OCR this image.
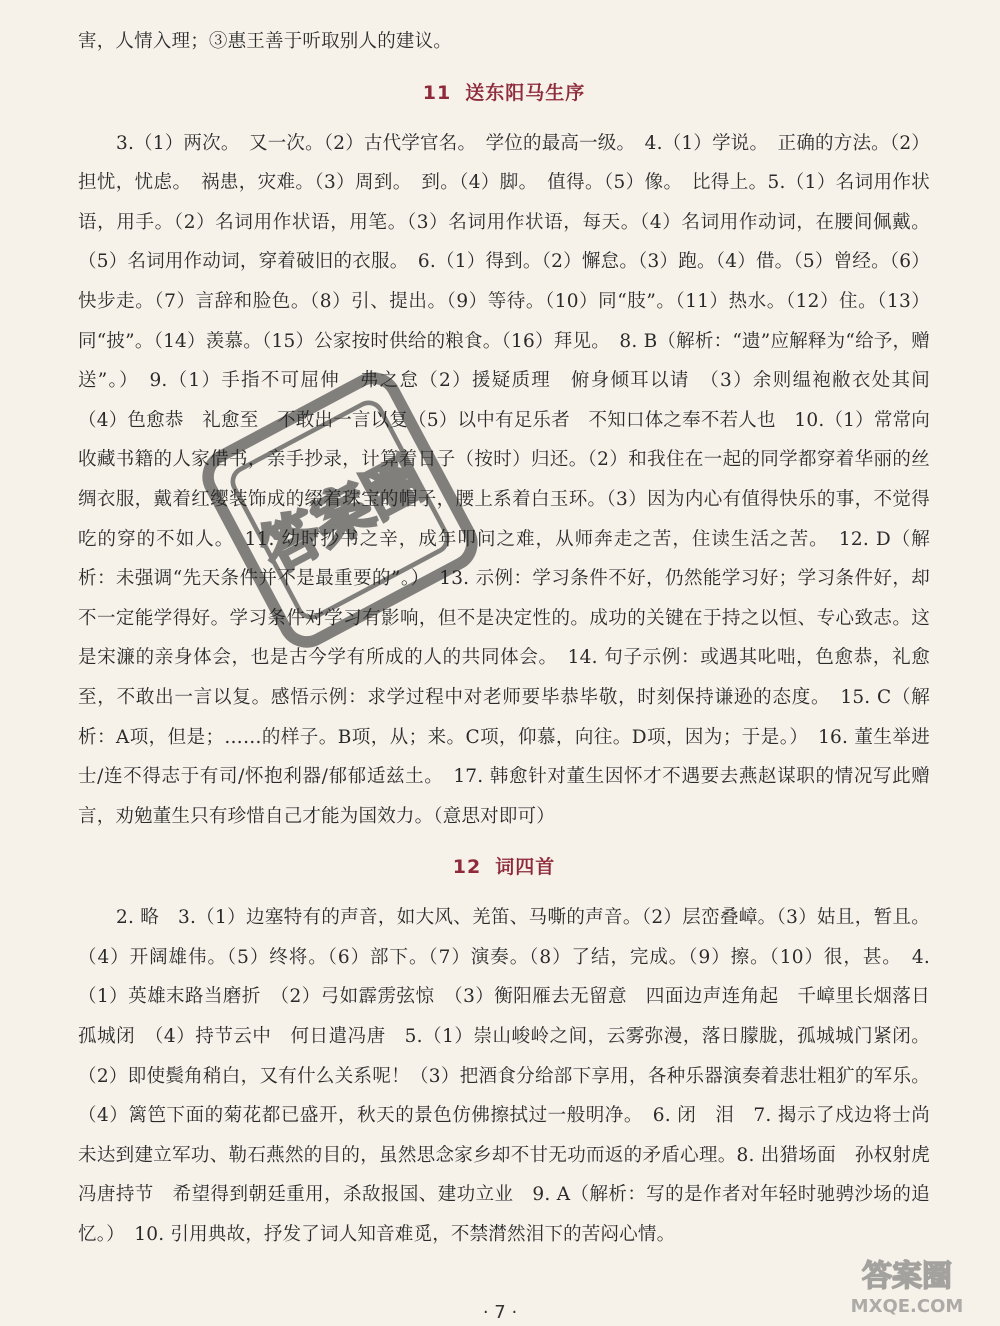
害，人情入理；③惠王善于听取别人的建议。

11 送东阳马生序

3.（1）两次。　又一次。（2）古代学官名。　学位的最高一级。　4.（1）学说。　正确的方法。（2）担忧，忧虑。　祸患，灾难。（3）周到。　到。（4）脚。　值得。（5）像。　比得上。5.（1）名词用作状语，用手。（2）名词用作状语，用笔。（3）名词用作状语，每天。（4）名词用作动词，在腰间佩戴。（5）名词用作动词，穿着破旧的衣服。　6.（1）得到。（2）懈怠。（3）跑。（4）借。（5）曾经。（6）快步走。（7）言辞和脸色。（8）引、提出。（9）等待。（10）同“肢”。（11）热水。（12）住。（13）同“披”。（14）羡慕。（15）公家按时供给的粮食。（16）拜见。　8. B（解析：“遗”应解释为“给予，赠送”。）　9.（1）手指不可屈伸　弗之怠（2）援疑质理　俯身倾耳以请　（3）余则缊袍敝衣处其间　（4）色愈恭　礼愈至　不敢出一言以复（5）以中有足乐者　不知口体之奉不若人也　10.（1）常常向收藏书籍的人家借书，亲手抄录，计算着日子（按时）归还。（2）和我住在一起的同学都穿着华丽的丝绸衣服，戴着红缨装饰成的缀着珠宝的帽子，腰上系着白玉环。（3）因为内心有值得快乐的事，不觉得吃的穿的不如人。　11. 幼时抄书之辛，成年叩问之难，从师奔走之苦，住读生活之苦。　12. D（解析：未强调“先天条件并不是最重要的”。）　13. 示例：学习条件不好，仍然能学习好；学习条件好，却不一定能学得好。学习条件对学习有影响，但不是决定性的。成功的关键在于持之以恒、专心致志。这是宋濂的亲身体会，也是古今学有所成的人的共同体会。　14. 句子示例：或遇其叱咄，色愈恭，礼愈至，不敢出一言以复。感悟示例：求学过程中对老师要毕恭毕敬，时刻保持谦逊的态度。　15. C（解析：A项，但是；……的样子。B项，从；来。C项，仰慕，向往。D项，因为；于是。）　16. 董生举进士/连不得志于有司/怀抱利器/郁郁适兹土。　17. 韩愈针对董生因怀才不遇要去燕赵谋职的情况写此赠言，劝勉董生只有珍惜自己才能为国效力。（意思对即可）

12 词四首

2. 略　3.（1）边塞特有的声音，如大风、羌笛、马嘶的声音。（2）层峦叠嶂。（3）姑且，暂且。（4）开阔雄伟。（5）终将。（6）部下。（7）演奏。（8）了结，完成。（9）擦。（10）很，甚。　4.（1）英雄末路当磨折　（2）弓如霹雳弦惊　（3）衡阳雁去无留意　四面边声连角起　千嶂里长烟落日孤城闭　（4）持节云中　何日遣冯唐　5.（1）崇山峻岭之间，云雾弥漫，落日朦胧，孤城城门紧闭。（2）即使鬓角稍白，又有什么关系呢！（3）把酒食分给部下享用，各种乐器演奏着悲壮粗犷的军乐。（4）篱笆下面的菊花都已盛开，秋天的景色仿佛擦拭过一般明净。　6. 闭　泪　7. 揭示了戍边将士尚未达到建立军功、勒石燕然的目的，虽然思念家乡却不甘无功而返的矛盾心理。8. 出猎场面　孙权射虎　冯唐持节　希望得到朝廷重用，杀敌报国、建功立业　9. A（解析：写的是作者对年轻时驰骋沙场的追忆。）　10. 引用典故，抒发了词人知音难觅，不禁潸然泪下的苦闷心情。

答案圈
· 7 ·
答案圈
MXQE.COM
